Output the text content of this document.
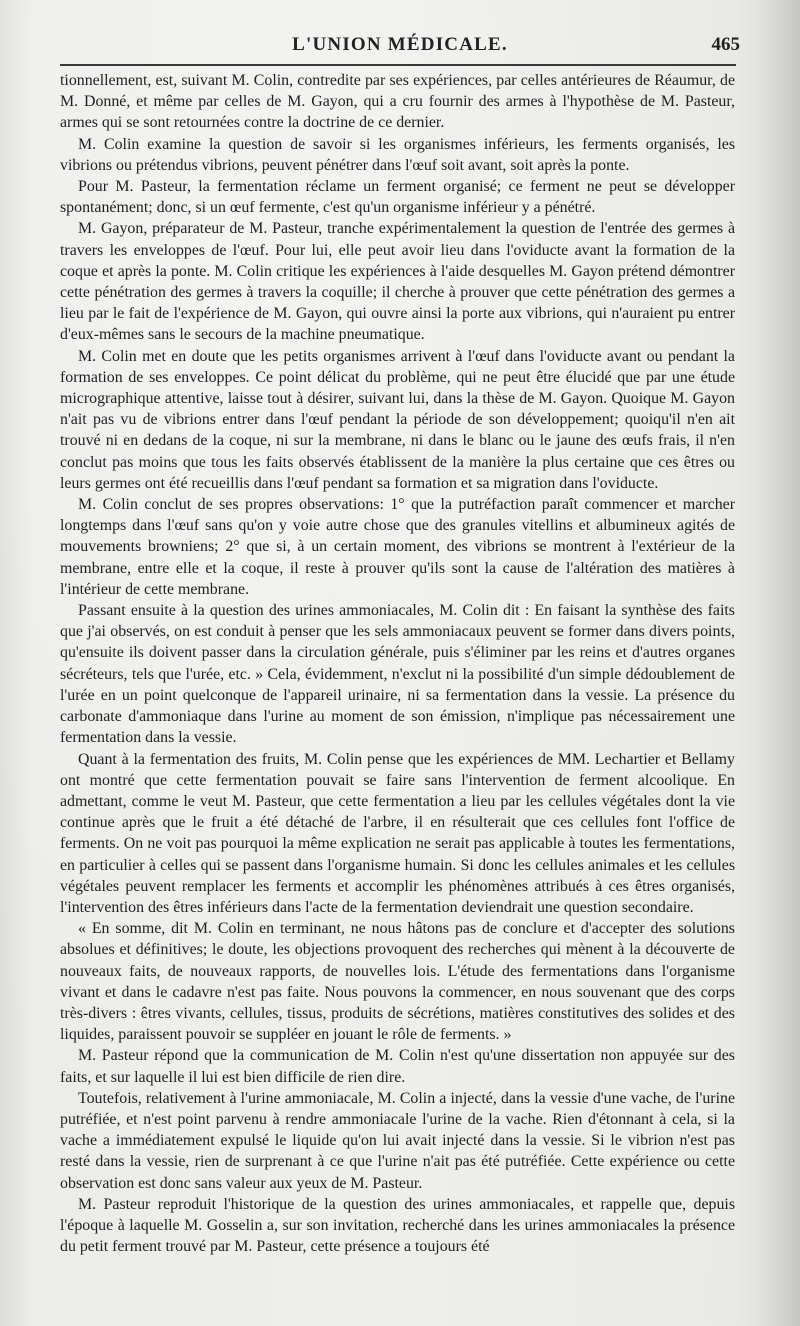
L'UNION MÉDICALE.	465

tionnellement, est, suivant M. Colin, contredite par ses expériences, par celles antérieures de Réaumur, de M. Donné, et même par celles de M. Gayon, qui a cru fournir des armes à l'hypothèse de M. Pasteur, armes qui se sont retournées contre la doctrine de ce dernier.

M. Colin examine la question de savoir si les organismes inférieurs, les ferments organisés, les vibrions ou prétendus vibrions, peuvent pénétrer dans l'œuf soit avant, soit après la ponte.

Pour M. Pasteur, la fermentation réclame un ferment organisé; ce ferment ne peut se développer spontanément; donc, si un œuf fermente, c'est qu'un organisme inférieur y a pénétré.

M. Gayon, préparateur de M. Pasteur, tranche expérimentalement la question de l'entrée des germes à travers les enveloppes de l'œuf. Pour lui, elle peut avoir lieu dans l'oviducte avant la formation de la coque et après la ponte. M. Colin critique les expériences à l'aide desquelles M. Gayon prétend démontrer cette pénétration des germes à travers la coquille; il cherche à prouver que cette pénétration des germes a lieu par le fait de l'expérience de M. Gayon, qui ouvre ainsi la porte aux vibrions, qui n'auraient pu entrer d'eux-mêmes sans le secours de la machine pneumatique.

M. Colin met en doute que les petits organismes arrivent à l'œuf dans l'oviducte avant ou pendant la formation de ses enveloppes. Ce point délicat du problème, qui ne peut être élucidé que par une étude micrographique attentive, laisse tout à désirer, suivant lui, dans la thèse de M. Gayon. Quoique M. Gayon n'ait pas vu de vibrions entrer dans l'œuf pendant la période de son développement; quoiqu'il n'en ait trouvé ni en dedans de la coque, ni sur la membrane, ni dans le blanc ou le jaune des œufs frais, il n'en conclut pas moins que tous les faits observés établissent de la manière la plus certaine que ces êtres ou leurs germes ont été recueillis dans l'œuf pendant sa formation et sa migration dans l'oviducte.

M. Colin conclut de ses propres observations: 1° que la putréfaction paraît commencer et marcher longtemps dans l'œuf sans qu'on y voie autre chose que des granules vitellins et albumineux agités de mouvements browniens; 2° que si, à un certain moment, des vibrions se montrent à l'extérieur de la membrane, entre elle et la coque, il reste à prouver qu'ils sont la cause de l'altération des matières à l'intérieur de cette membrane.

Passant ensuite à la question des urines ammoniacales, M. Colin dit : En faisant la synthèse des faits que j'ai observés, on est conduit à penser que les sels ammoniacaux peuvent se former dans divers points, qu'ensuite ils doivent passer dans la circulation générale, puis s'éliminer par les reins et d'autres organes sécréteurs, tels que l'urée, etc. » Cela, évidemment, n'exclut ni la possibilité d'un simple dédoublement de l'urée en un point quelconque de l'appareil urinaire, ni sa fermentation dans la vessie. La présence du carbonate d'ammoniaque dans l'urine au moment de son émission, n'implique pas nécessairement une fermentation dans la vessie.

Quant à la fermentation des fruits, M. Colin pense que les expériences de MM. Lechartier et Bellamy ont montré que cette fermentation pouvait se faire sans l'intervention de ferment alcoolique. En admettant, comme le veut M. Pasteur, que cette fermentation a lieu par les cellules végétales dont la vie continue après que le fruit a été détaché de l'arbre, il en résulterait que ces cellules font l'office de ferments. On ne voit pas pourquoi la même explication ne serait pas applicable à toutes les fermentations, en particulier à celles qui se passent dans l'organisme humain. Si donc les cellules animales et les cellules végétales peuvent remplacer les ferments et accomplir les phénomènes attribués à ces êtres organisés, l'intervention des êtres inférieurs dans l'acte de la fermentation deviendrait une question secondaire.

« En somme, dit M. Colin en terminant, ne nous hâtons pas de conclure et d'accepter des solutions absolues et définitives; le doute, les objections provoquent des recherches qui mènent à la découverte de nouveaux faits, de nouveaux rapports, de nouvelles lois. L'étude des fermentations dans l'organisme vivant et dans le cadavre n'est pas faite. Nous pouvons la commencer, en nous souvenant que des corps très-divers : êtres vivants, cellules, tissus, produits de sécrétions, matières constitutives des solides et des liquides, paraissent pouvoir se suppléer en jouant le rôle de ferments. »

M. Pasteur répond que la communication de M. Colin n'est qu'une dissertation non appuyée sur des faits, et sur laquelle il lui est bien difficile de rien dire.

Toutefois, relativement à l'urine ammoniacale, M. Colin a injecté, dans la vessie d'une vache, de l'urine putréfiée, et n'est point parvenu à rendre ammoniacale l'urine de la vache. Rien d'étonnant à cela, si la vache a immédiatement expulsé le liquide qu'on lui avait injecté dans la vessie. Si le vibrion n'est pas resté dans la vessie, rien de surprenant à ce que l'urine n'ait pas été putréfiée. Cette expérience ou cette observation est donc sans valeur aux yeux de M. Pasteur.

M. Pasteur reproduit l'historique de la question des urines ammoniacales, et rappelle que, depuis l'époque à laquelle M. Gosselin a, sur son invitation, recherché dans les urines ammoniacales la présence du petit ferment trouvé par M. Pasteur, cette présence a toujours été
